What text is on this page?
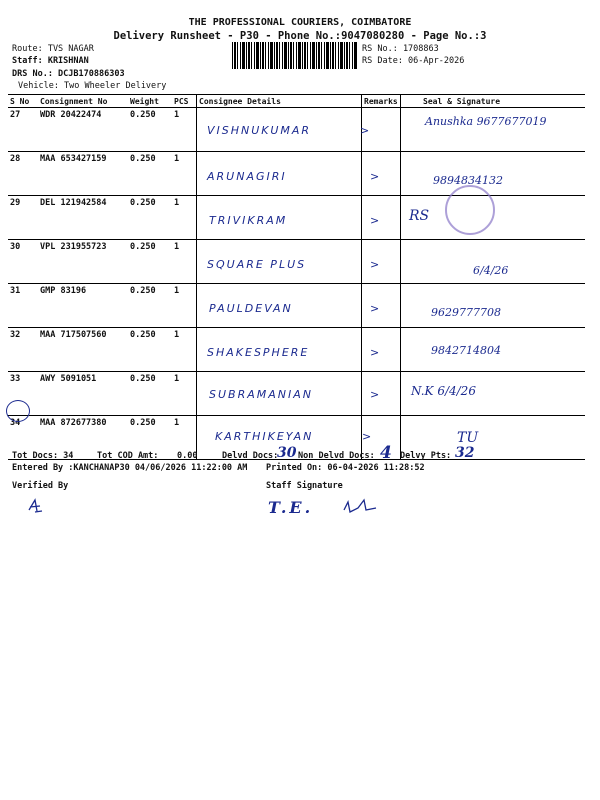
THE PROFESSIONAL COURIERS, COIMBATORE
Delivery Runsheet - P30 - Phone No.:9047080280 - Page No.:3
Route: TVS NAGAR
Staff: KRISHNAN
DRS No.: DCJB170886303
Vehicle: Two Wheeler Delivery
RS No.: 1708863
RS Date: 06-Apr-2026
S No	Consignment No	Weight	PCS	Consignee Details	Remarks	Seal & Signature
27	WDR 20422474	0.250	1	VISHNUKUMAR	>	Anushka 9677677019

28	MAA 653427159	0.250	1	ARUNAGIRI	>	9894834132

29	DEL 121942584	0.250	1	TRIVIKRAM	>	RS

30	VPL 231955723	0.250	1	SQUARE PLUS	>	6/4/26

31	GMP 83196	0.250	1	PAULDEVAN	>	9629777708

32	MAA 717507560	0.250	1	SHAKESPHERE	>	9842714804

33	AWY 5091051	0.250	1	SUBRAMANIAN	>	N.K 6/4/26

34	MAA 872677380	0.250	1	KARTHIKEYAN	>	TU
Tot Docs: 34	Tot COD Amt: 0.00	Delvd Docs:
30 Non Delvd Docs: 4 Delvy Pts: 32
Entered By :KANCHANAP30 04/06/2026 11:22:00 AM Printed On: 06-04-2026 11:28:52
Verified By	Staff Signature
T.E.
